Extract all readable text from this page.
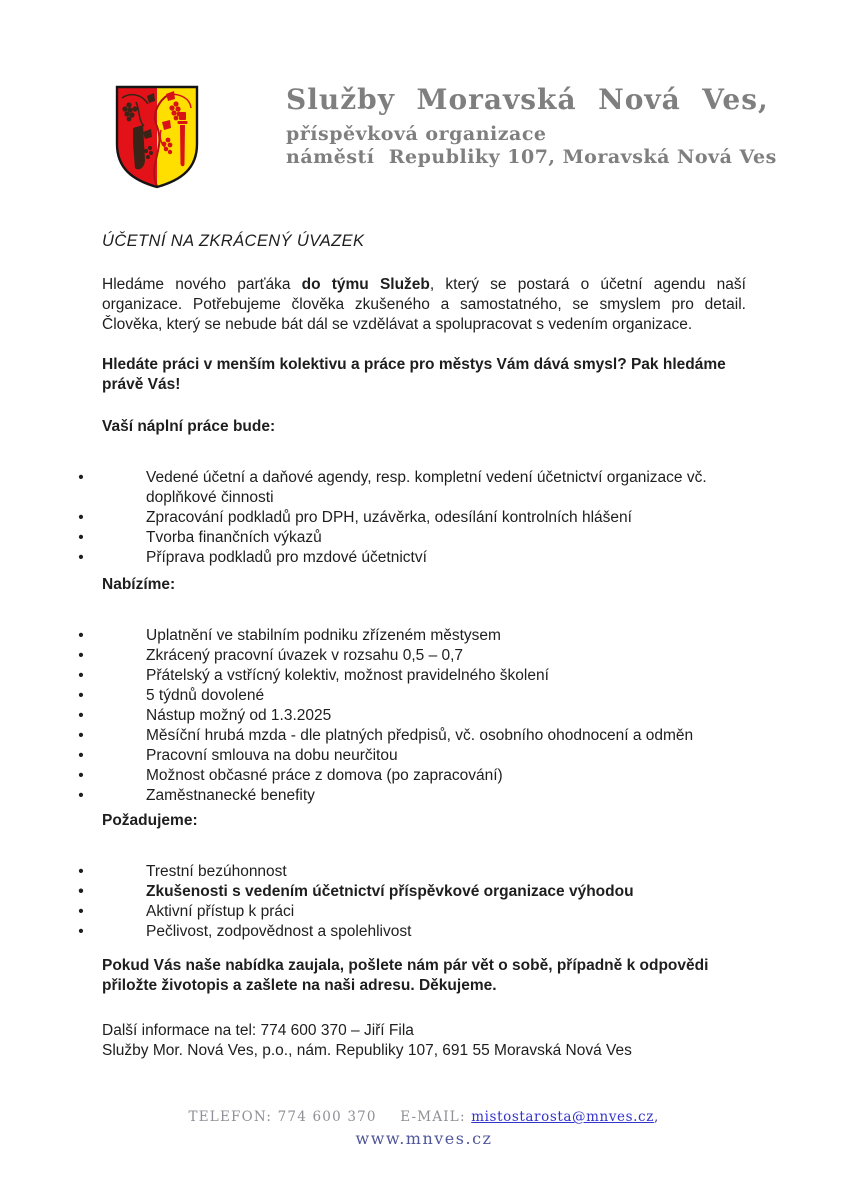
Služby  Moravská  Nová  Ves,
příspěvková organizace
náměstí  Republiky 107, Moravská Nová Ves
ÚČETNÍ NA ZKRÁCENÝ ÚVAZEK
Hledáme nového parťáka do týmu Služeb, který se postará o účetní agendu naší organizace. Potřebujeme člověka zkušeného a samostatného, se smyslem pro detail. Člověka, který se nebude bát dál se vzdělávat a spolupracovat s vedením organizace.
Hledáte práci v menším kolektivu a práce pro městys Vám dává smysl? Pak hledáme právě Vás!
Vaší náplní práce bude:
•	Vedené účetní a daňové agendy, resp. kompletní vedení účetnictví organizace vč. doplňkové činnosti
•	Zpracování podkladů pro DPH, uzávěrka, odesílání kontrolních hlášení
•	Tvorba finančních výkazů
•	Příprava podkladů pro mzdové účetnictví
Nabízíme:
•	Uplatnění ve stabilním podniku zřízeném městysem
•	Zkrácený pracovní úvazek v rozsahu 0,5 – 0,7
•	Přátelský a vstřícný kolektiv, možnost pravidelného školení
•	5 týdnů dovolené
•	Nástup možný od 1.3.2025
•	Měsíční hrubá mzda - dle platných předpisů, vč. osobního ohodnocení a odměn
•	Pracovní smlouva na dobu neurčitou
•	Možnost občasné práce z domova (po zapracování)
•	Zaměstnanecké benefity
Požadujeme:
•	Trestní bezúhonnost
•	Zkušenosti s vedením účetnictví příspěvkové organizace výhodou
•	Aktivní přístup k práci
•	Pečlivost, zodpovědnost a spolehlivost
Pokud Vás naše nabídka zaujala, pošlete nám pár vět o sobě, případně k odpovědi přiložte životopis a zašlete na naši adresu. Děkujeme.
Další informace na tel: 774 600 370 – Jiří Fila
Služby Mor. Nová Ves, p.o., nám. Republiky 107, 691 55 Moravská Nová Ves
TELEFON: 774 600 370 E-MAIL: mistostarosta@mnves.cz,
www.mnves.cz
